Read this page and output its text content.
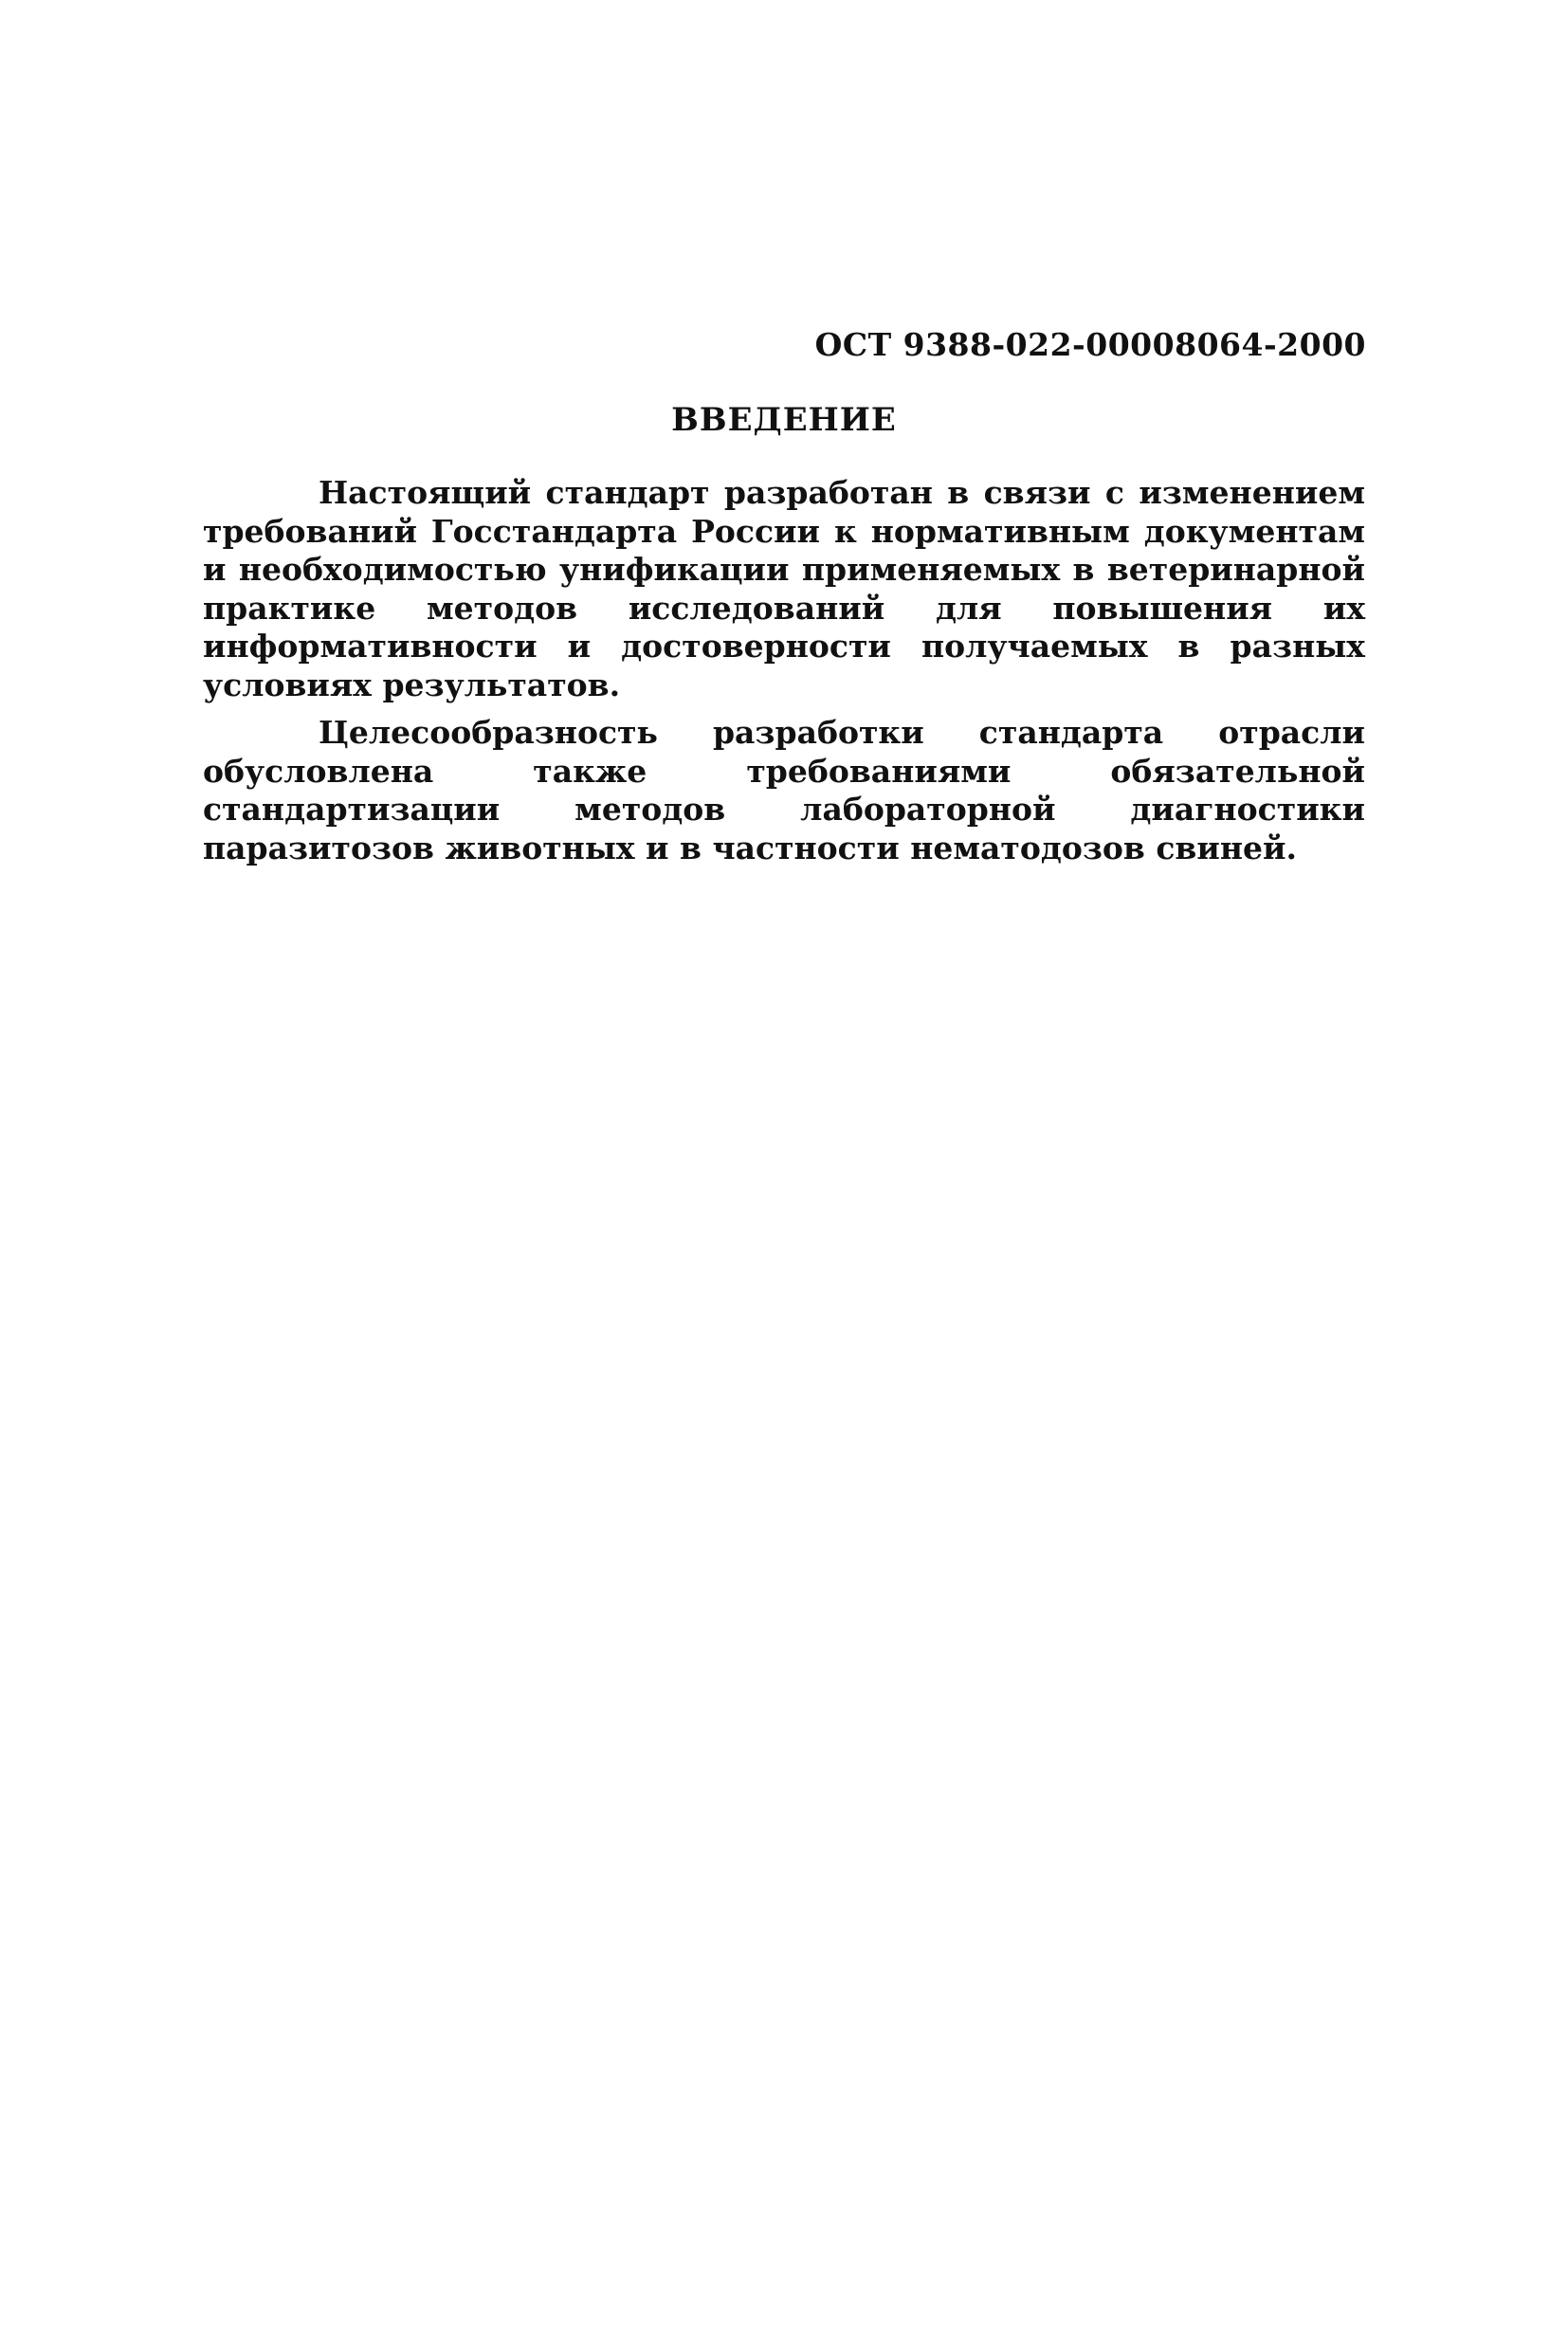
ОСТ 9388-022-00008064-2000
ВВЕДЕНИЕ

Настоящий стандарт разработан в связи с изменением требований Госстандарта России к нормативным документам и необходимостью унификации применяемых в ветеринарной практике методов исследований для повышения их информативности и достоверности получаемых в разных условиях результатов.

Целесообразность разработки стандарта отрасли обусловлена также требованиями обязательной стандартизации методов лабораторной диагностики паразитозов животных и в частности нематодозов свиней.
